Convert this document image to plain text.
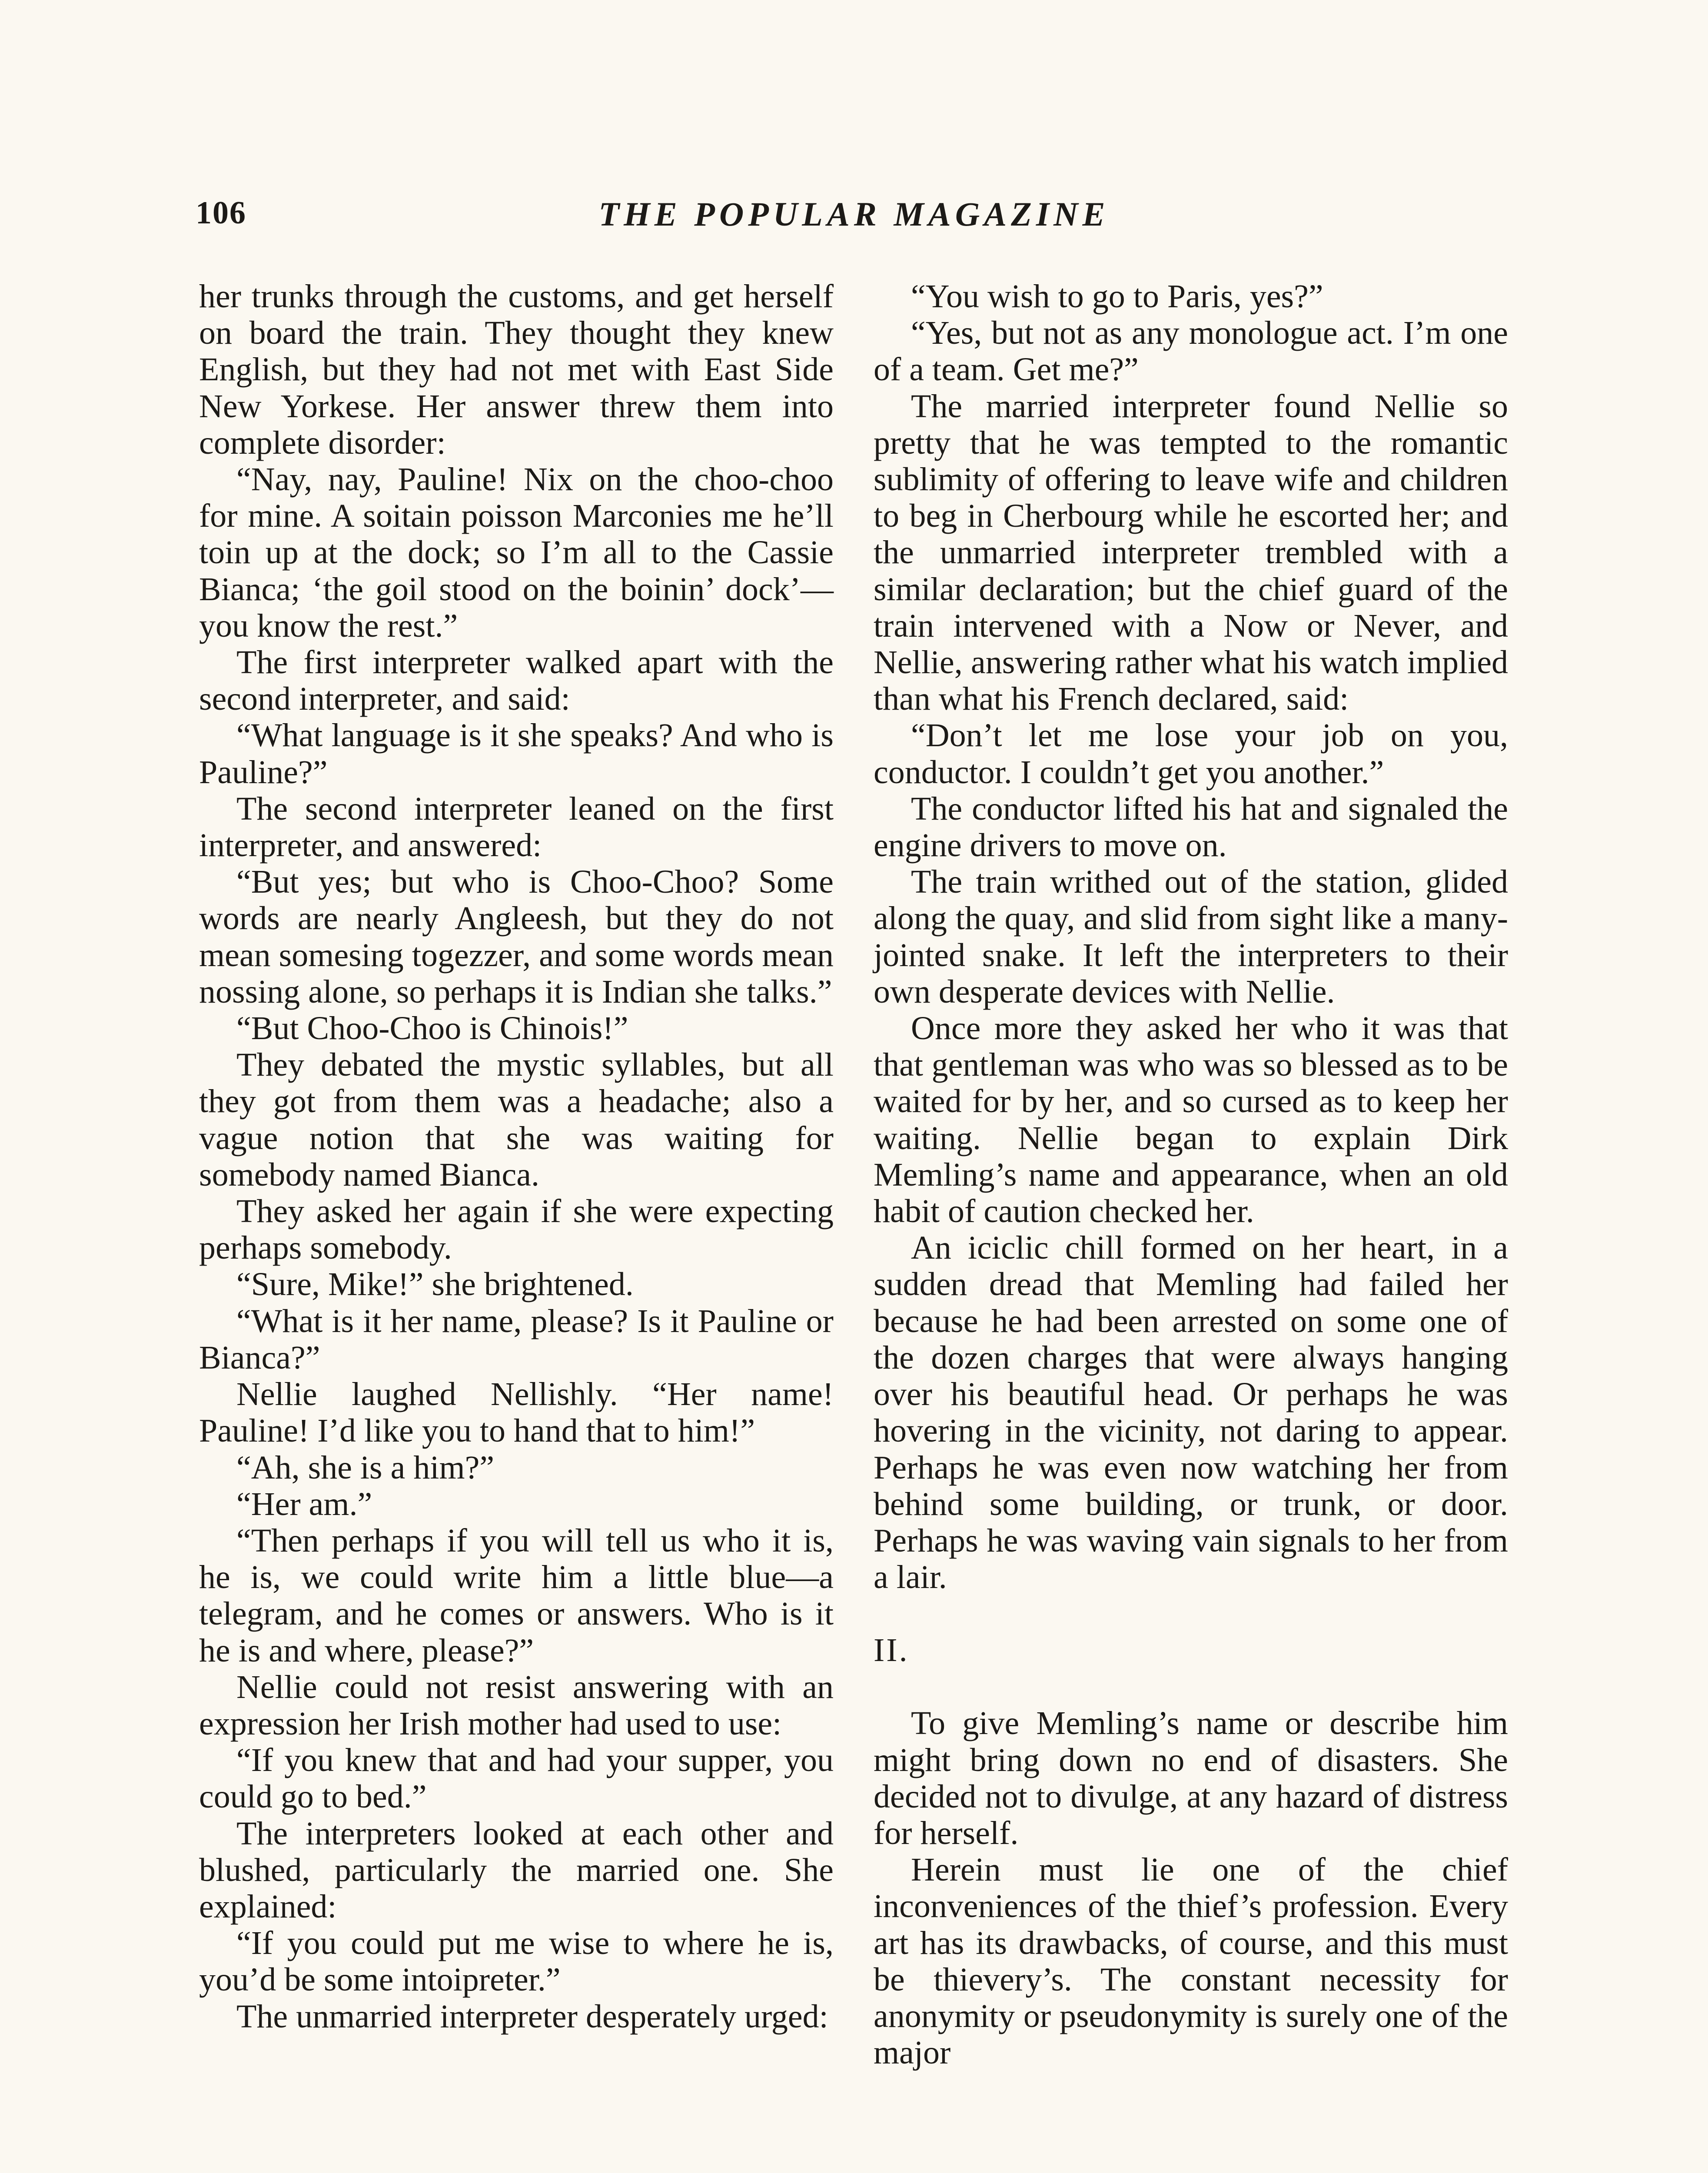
106	THE POPULAR MAGAZINE

her trunks through the customs, and get herself on board the train. They thought they knew English, but they had not met with East Side New Yorkese. Her answer threw them into complete disorder:

“Nay, nay, Pauline! Nix on the choo-choo for mine. A soitain poisson Marconies me he’ll toin up at the dock; so I’m all to the Cassie Bianca; ‘the goil stood on the boinin’ dock’—you know the rest.”

The first interpreter walked apart with the second interpreter, and said:

“What language is it she speaks? And who is Pauline?”

The second interpreter leaned on the first interpreter, and answered:

“But yes; but who is Choo-Choo? Some words are nearly Angleesh, but they do not mean somesing togezzer, and some words mean nossing alone, so perhaps it is Indian she talks.”

“But Choo-Choo is Chinois!”

They debated the mystic syllables, but all they got from them was a headache; also a vague notion that she was waiting for somebody named Bianca.

They asked her again if she were expecting perhaps somebody.

“Sure, Mike!” she brightened.

“What is it her name, please? Is it Pauline or Bianca?”

Nellie laughed Nellishly. “Her name! Pauline! I’d like you to hand that to him!”

“Ah, she is a him?”

“Her am.”

“Then perhaps if you will tell us who it is, he is, we could write him a little blue—a telegram, and he comes or answers. Who is it he is and where, please?”

Nellie could not resist answering with an expression her Irish mother had used to use:

“If you knew that and had your supper, you could go to bed.”

The interpreters looked at each other and blushed, particularly the married one. She explained:

“If you could put me wise to where he is, you’d be some intoipreter.”

The unmarried interpreter desperately urged:

“You wish to go to Paris, yes?”

“Yes, but not as any monologue act. I’m one of a team. Get me?”

The married interpreter found Nellie so pretty that he was tempted to the romantic sublimity of offering to leave wife and children to beg in Cherbourg while he escorted her; and the unmarried interpreter trembled with a similar declaration; but the chief guard of the train intervened with a Now or Never, and Nellie, answering rather what his watch implied than what his French declared, said:

“Don’t let me lose your job on you, conductor. I couldn’t get you another.”

The conductor lifted his hat and signaled the engine drivers to move on.

The train writhed out of the station, glided along the quay, and slid from sight like a many-jointed snake. It left the interpreters to their own desperate devices with Nellie.

Once more they asked her who it was that that gentleman was who was so blessed as to be waited for by her, and so cursed as to keep her waiting. Nellie began to explain Dirk Memling’s name and appearance, when an old habit of caution checked her.

An iciclic chill formed on her heart, in a sudden dread that Memling had failed her because he had been arrested on some one of the dozen charges that were always hanging over his beautiful head. Or perhaps he was hovering in the vicinity, not daring to appear. Perhaps he was even now watching her from behind some building, or trunk, or door. Perhaps he was waving vain signals to her from a lair.

II.

To give Memling’s name or describe him might bring down no end of disasters. She decided not to divulge, at any hazard of distress for herself.

Herein must lie one of the chief inconveniences of the thief’s profession. Every art has its drawbacks, of course, and this must be thievery’s. The constant necessity for anonymity or pseudonymity is surely one of the major
